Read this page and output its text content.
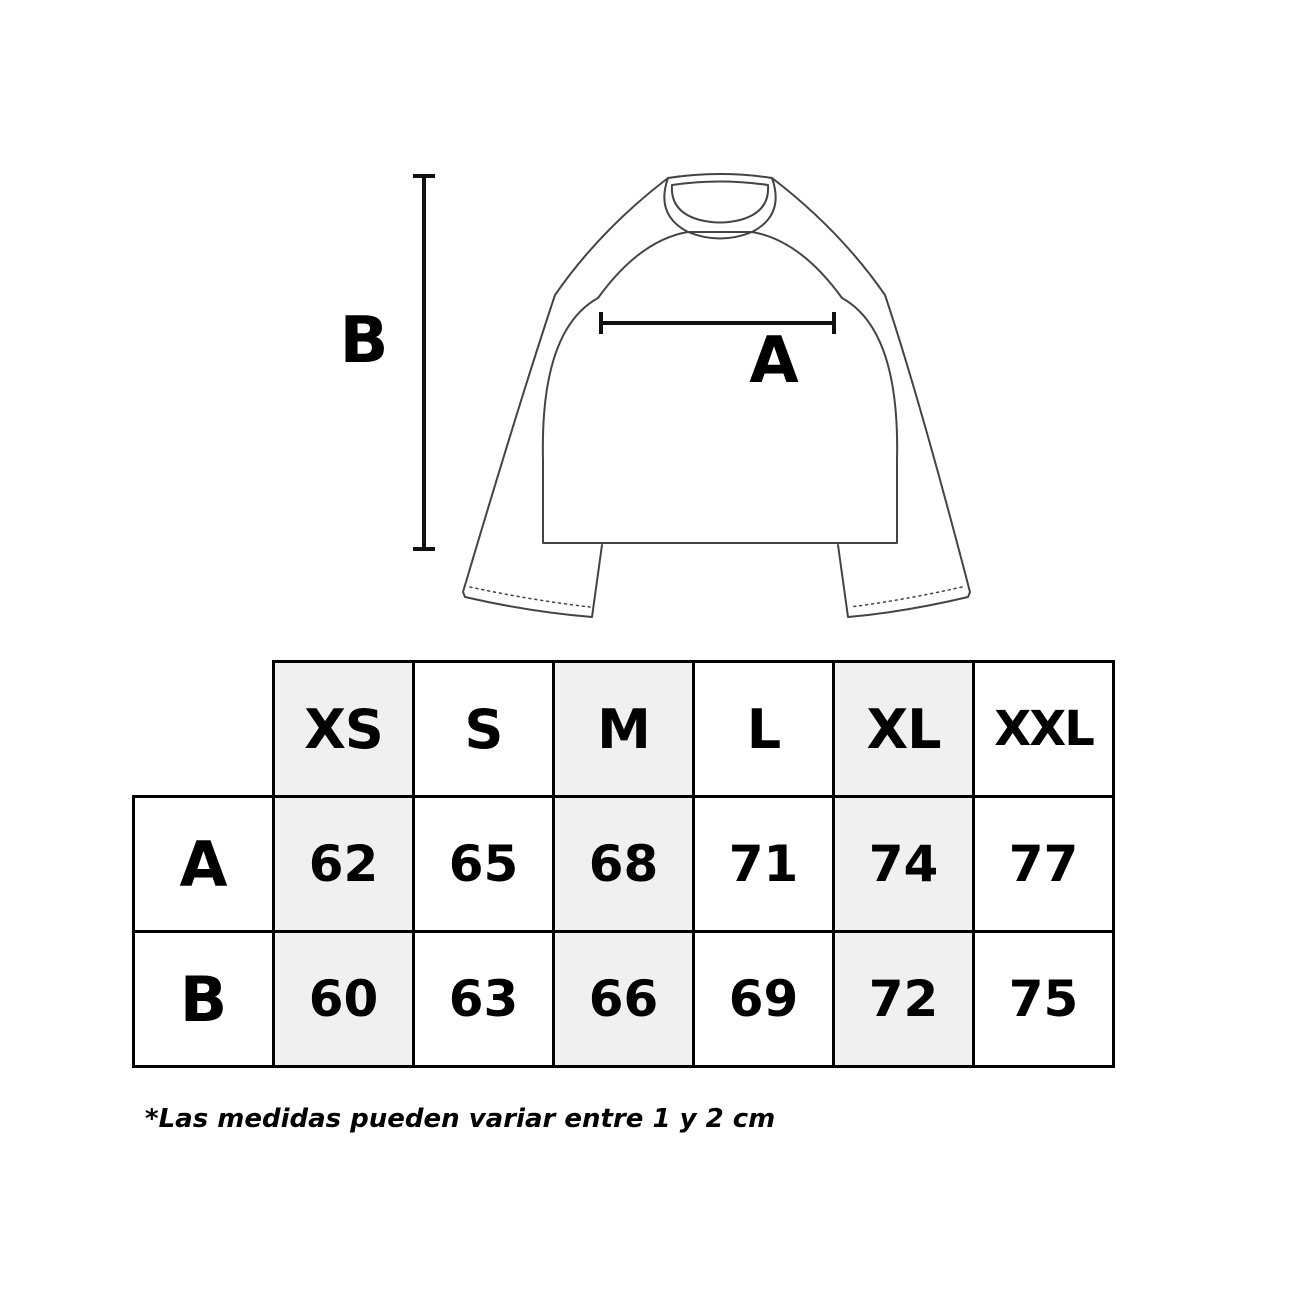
A
B
	XS	S	M	L	XL	XXL
A	62	65	68	71	74	77
B	60	63	66	69	72	75
*Las medidas pueden variar entre 1 y 2 cm
